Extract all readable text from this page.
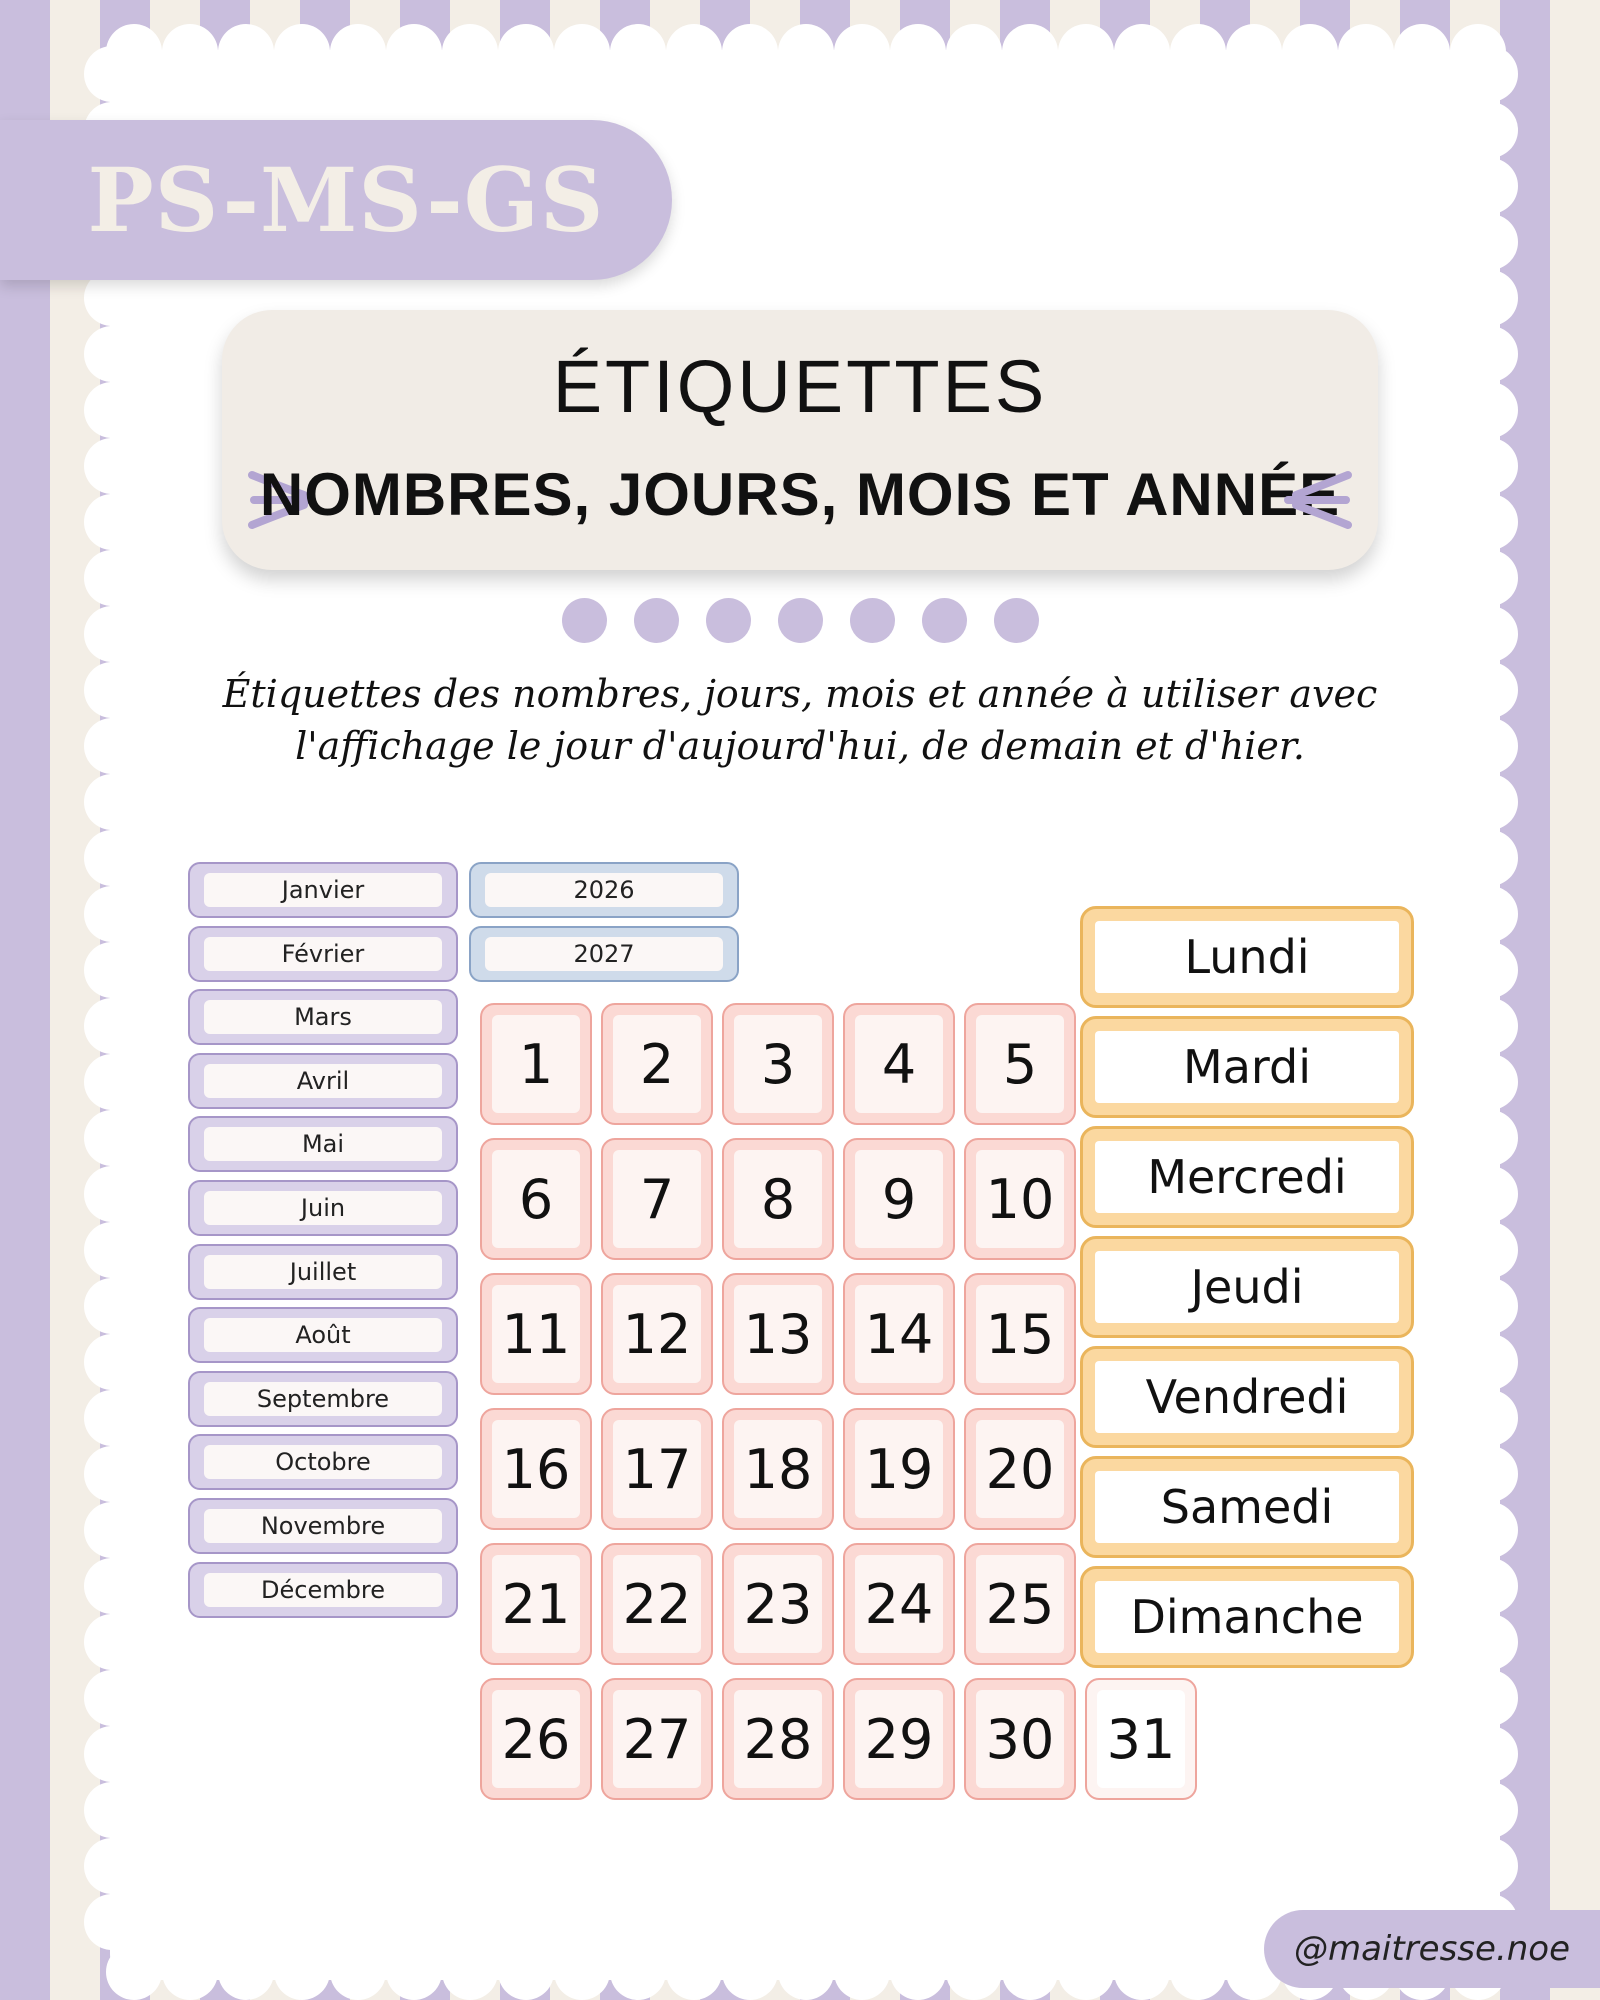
PS-MS-GS
ÉTIQUETTES
NOMBRES, JOURS, MOIS ET ANNÉE
Étiquettes des nombres, jours, mois et année à utiliser avec
l'affichage le jour d'aujourd'hui, de demain et d'hier.
Janvier
Février
Mars
Avril
Mai
Juin
Juillet
Août
Septembre
Octobre
Novembre
Décembre
2026
2027
1	2	3	4	5
6	7	8	9	10
11 12 13 14 15
16 17 18 19 20
21 22 23 24 25
26 27 28 29 30 31
Lundi
Mardi
Mercredi
Jeudi
Vendredi
Samedi
Dimanche
@maitresse.noe
